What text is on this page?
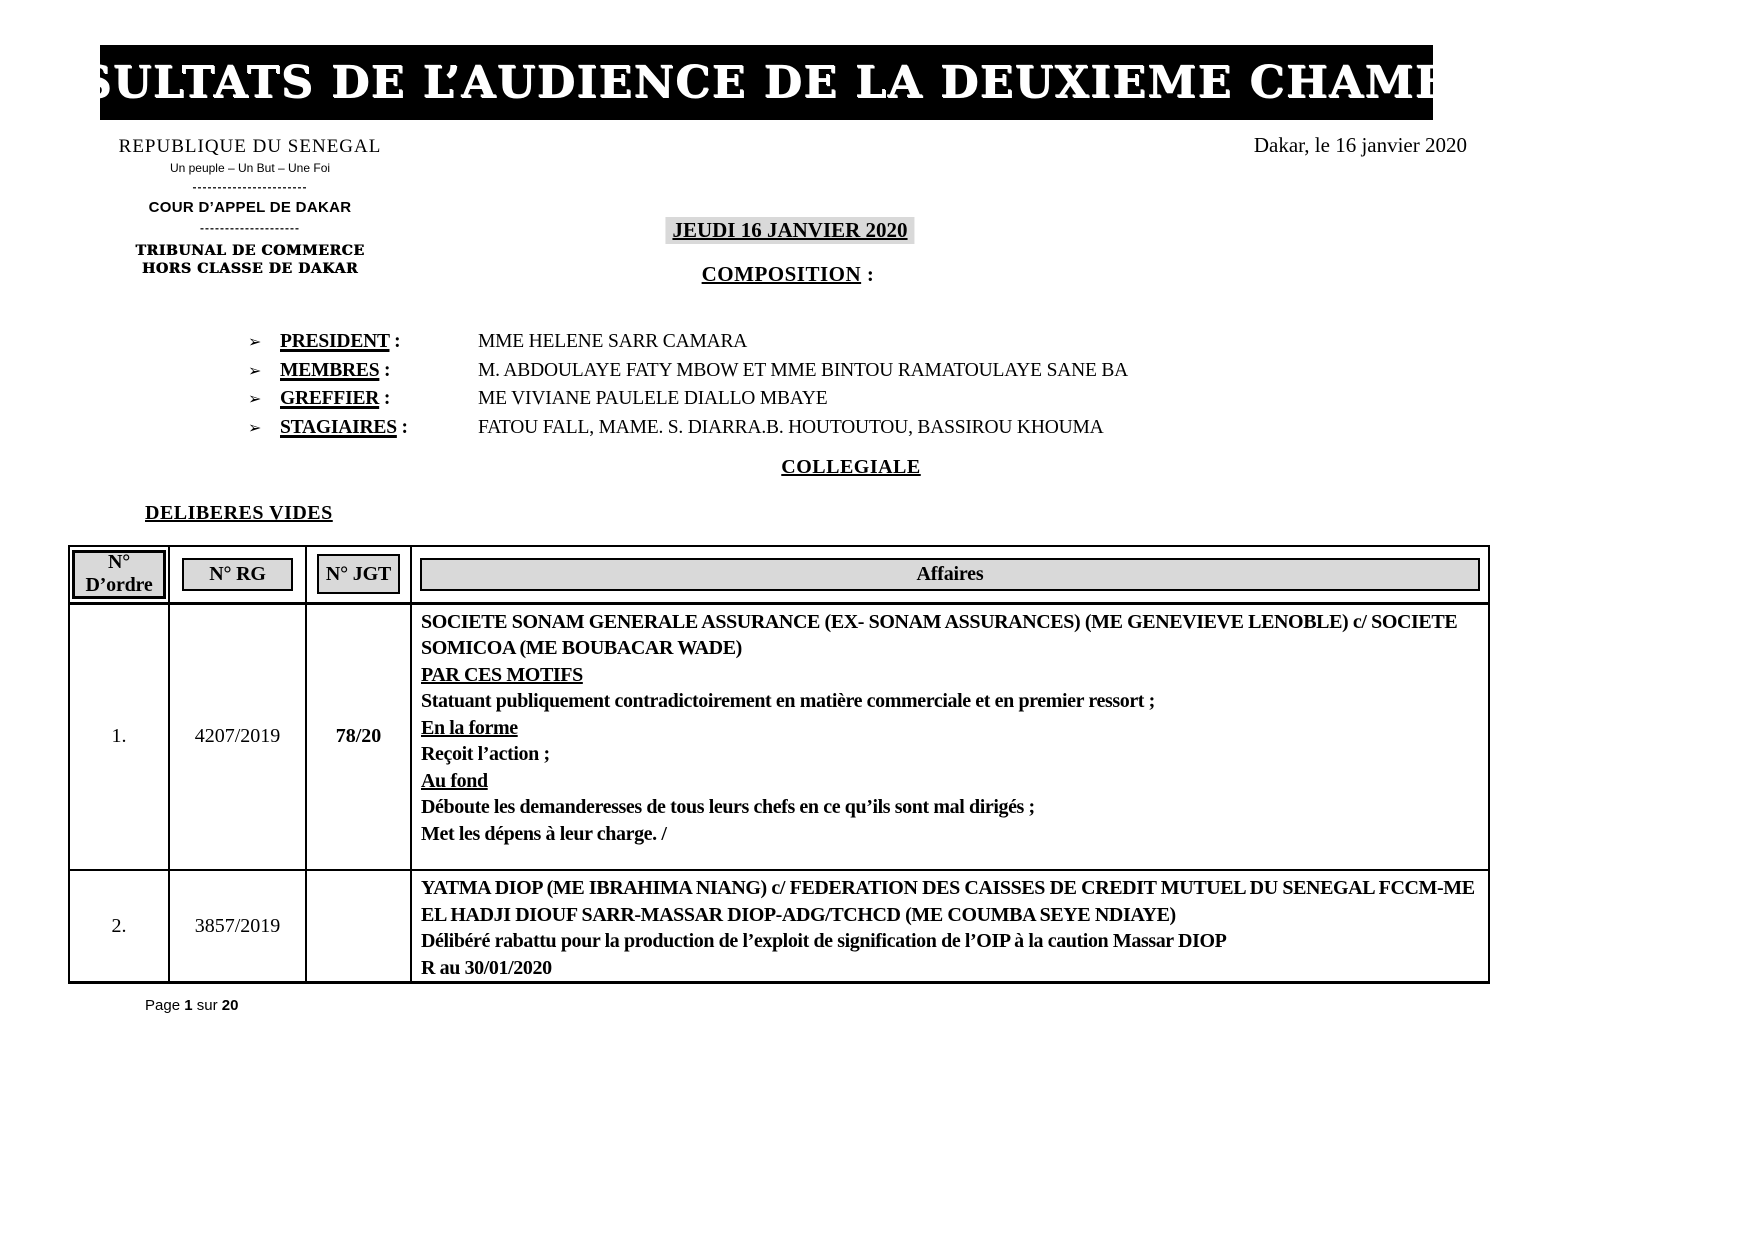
RESULTATS DE L’AUDIENCE DE LA DEUXIEME CHAMBRE
REPUBLIQUE DU SENEGAL
Un peuple – Un But – Une Foi
-----------------------
COUR D’APPEL DE DAKAR
--------------------
TRIBUNAL DE COMMERCE
HORS CLASSE DE DAKAR
Dakar, le 16 janvier 2020
JEUDI 16 JANVIER 2020
COMPOSITION :
➢ PRESIDENT :	MME HELENE SARR CAMARA
➢ MEMBRES :	M. ABDOULAYE FATY MBOW ET MME BINTOU RAMATOULAYE SANE BA
➢ GREFFIER :	ME VIVIANE PAULELE DIALLO MBAYE
➢ STAGIAIRES :	FATOU FALL, MAME. S. DIARRA.B. HOUTOUTOU, BASSIROU KHOUMA
COLLEGIALE
DELIBERES VIDES
N°
D’ordre	N° RG	N° JGT	Affaires

1.	4207/2019	78/20	

SOCIETE SONAM GENERALE ASSURANCE (EX- SONAM ASSURANCES) (ME GENEVIEVE LENOBLE) c/ SOCIETE SOMICOA (ME BOUBACAR WADE)

PAR CES MOTIFS

Statuant publiquement contradictoirement en matière commerciale et en premier ressort ;

En la forme

Reçoit l’action ;

Au fond

Déboute les demanderesses de tous leurs chefs en ce qu’ils sont mal dirigés ;

Met les dépens à leur charge. /

2.	3857/2019		YATMA DIOP (ME IBRAHIMA NIANG) c/ FEDERATION DES CAISSES DE CREDIT MUTUEL DU SENEGAL FCCM-ME EL HADJI DIOUF SARR-MASSAR DIOP-ADG/TCHCD (ME COUMBA SEYE NDIAYE)

Délibéré rabattu pour la production de l’exploit de signification de l’OIP à la caution Massar DIOP

R au 30/01/2020

Page 1 sur 20
